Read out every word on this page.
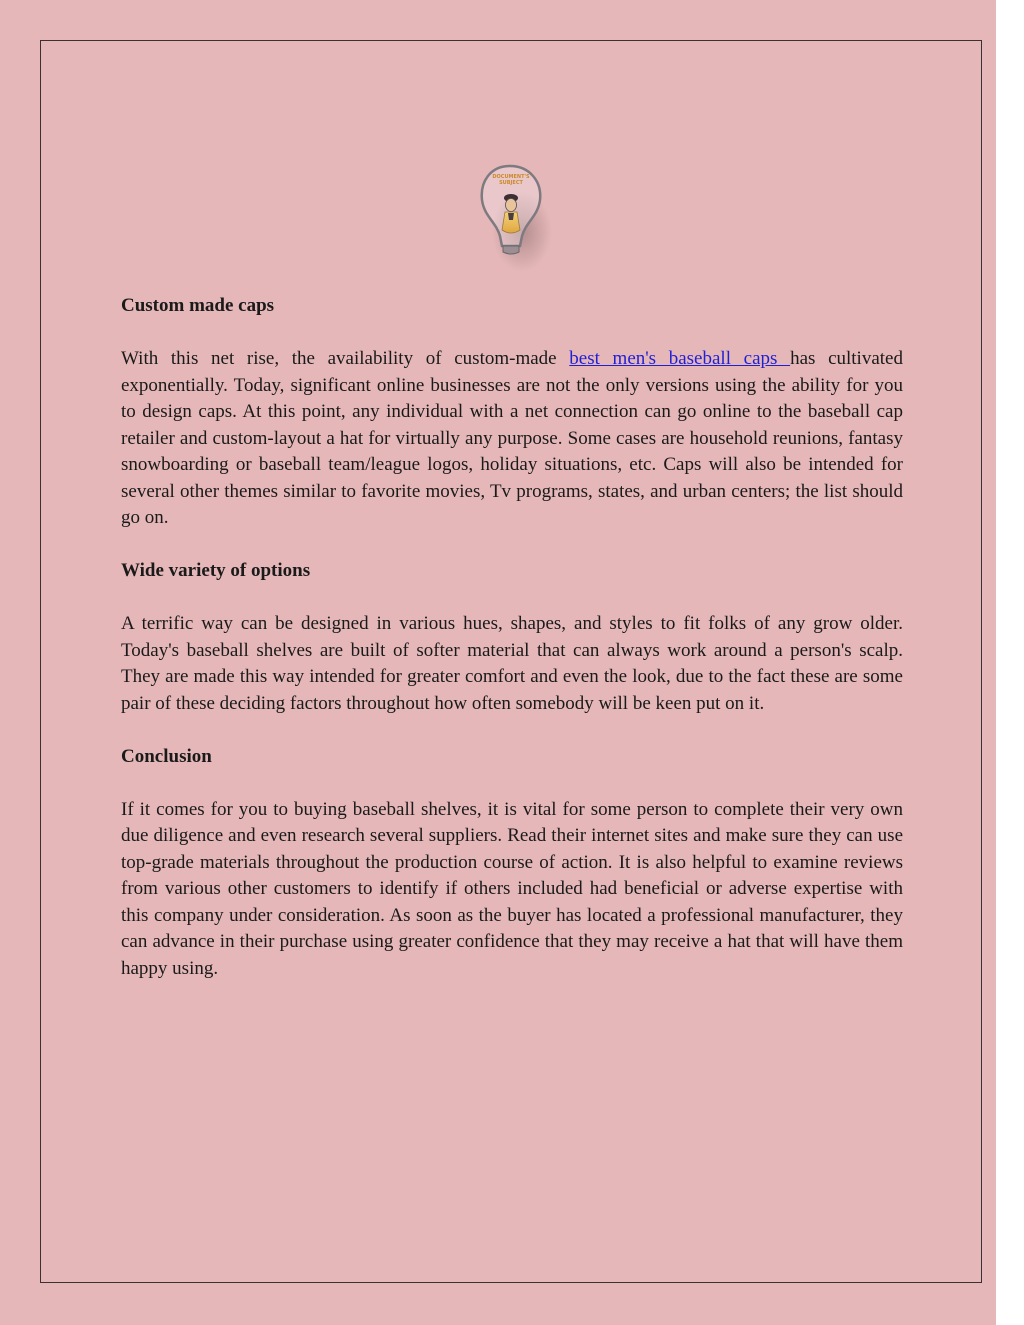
DOCUMENT'S
SUBJECT
Custom made caps

With this net rise, the availability of custom-made best men's baseball caps has cultivated exponentially. Today, significant online businesses are not the only versions using the ability for you to design caps. At this point, any individual with a net connection can go online to the baseball cap retailer and custom-layout a hat for virtually any purpose. Some cases are household reunions, fantasy snowboarding or baseball team/league logos, holiday situations, etc. Caps will also be intended for several other themes similar to favorite movies, Tv programs, states, and urban centers; the list should go on.

Wide variety of options

A terrific way can be designed in various hues, shapes, and styles to fit folks of any grow older. Today's baseball shelves are built of softer material that can always work around a person's scalp. They are made this way intended for greater comfort and even the look, due to the fact these are some pair of these deciding factors throughout how often somebody will be keen put on it.

Conclusion

If it comes for you to buying baseball shelves, it is vital for some person to complete their very own due diligence and even research several suppliers. Read their internet sites and make sure they can use top-grade materials throughout the production course of action. It is also helpful to examine reviews from various other customers to identify if others included had beneficial or adverse expertise with this company under consideration. As soon as the buyer has located a professional manufacturer, they can advance in their purchase using greater confidence that they may receive a hat that will have them happy using.
